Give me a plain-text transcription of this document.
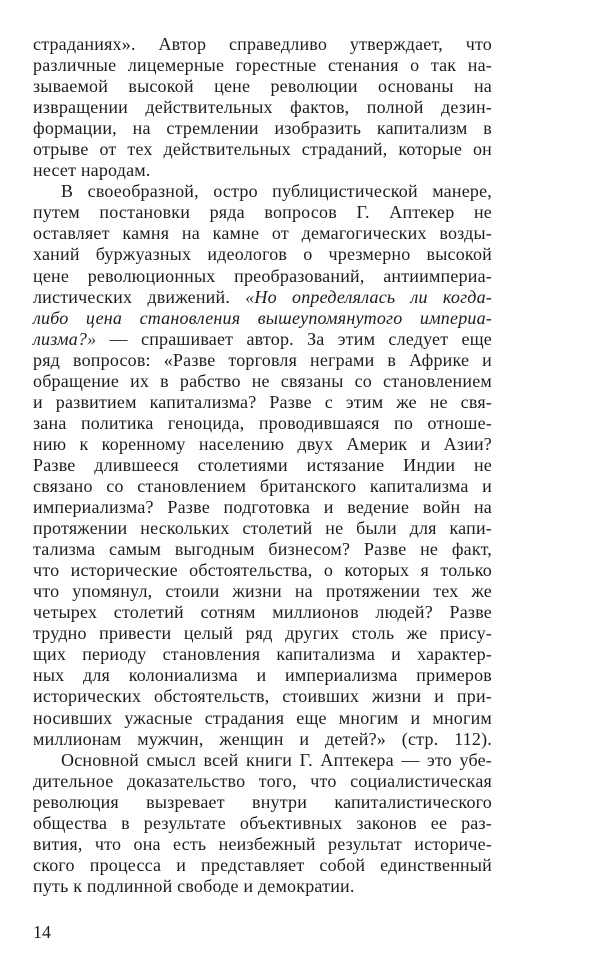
страданиях». Автор справедливо утверждает, что
различные лицемерные горестные стенания о так на-
зываемой высокой цене революции основаны на
извращении действительных фактов, полной дезин-
формации, на стремлении изобразить капитализм в
отрыве от тех действительных страданий, которые он
несет народам.
В своеобразной, остро публицистической манере,
путем постановки ряда вопросов Г. Аптекер не
оставляет камня на камне от демагогических возды-
ханий буржуазных идеологов о чрезмерно высокой
цене революционных преобразований, антиимпериа-
листических движений. «Но определялась ли когда-
либо цена становления вышеупомянутого империа-
лизма?» — спрашивает автор. За этим следует еще
ряд вопросов: «Разве торговля неграми в Африке и
обращение их в рабство не связаны со становлением
и развитием капитализма? Разве с этим же не свя-
зана политика геноцида, проводившаяся по отноше-
нию к коренному населению двух Америк и Азии?
Разве длившееся столетиями истязание Индии не
связано со становлением британского капитализма и
империализма? Разве подготовка и ведение войн на
протяжении нескольких столетий не были для капи-
тализма самым выгодным бизнесом? Разве не факт,
что исторические обстоятельства, о которых я только
что упомянул, стоили жизни на протяжении тех же
четырех столетий сотням миллионов людей? Разве
трудно привести целый ряд других столь же прису-
щих периоду становления капитализма и характер-
ных для колониализма и империализма примеров
исторических обстоятельств, стоивших жизни и при-
носивших ужасные страдания еще многим и многим
миллионам мужчин, женщин и детей?» (стр. 112).
Основной смысл всей книги Г. Аптекера — это убе-
дительное доказательство того, что социалистическая
революция вызревает внутри капиталистического
общества в результате объективных законов ее раз-
вития, что она есть неизбежный результат историче-
ского процесса и представляет собой единственный
путь к подлинной свободе и демократии.
14
